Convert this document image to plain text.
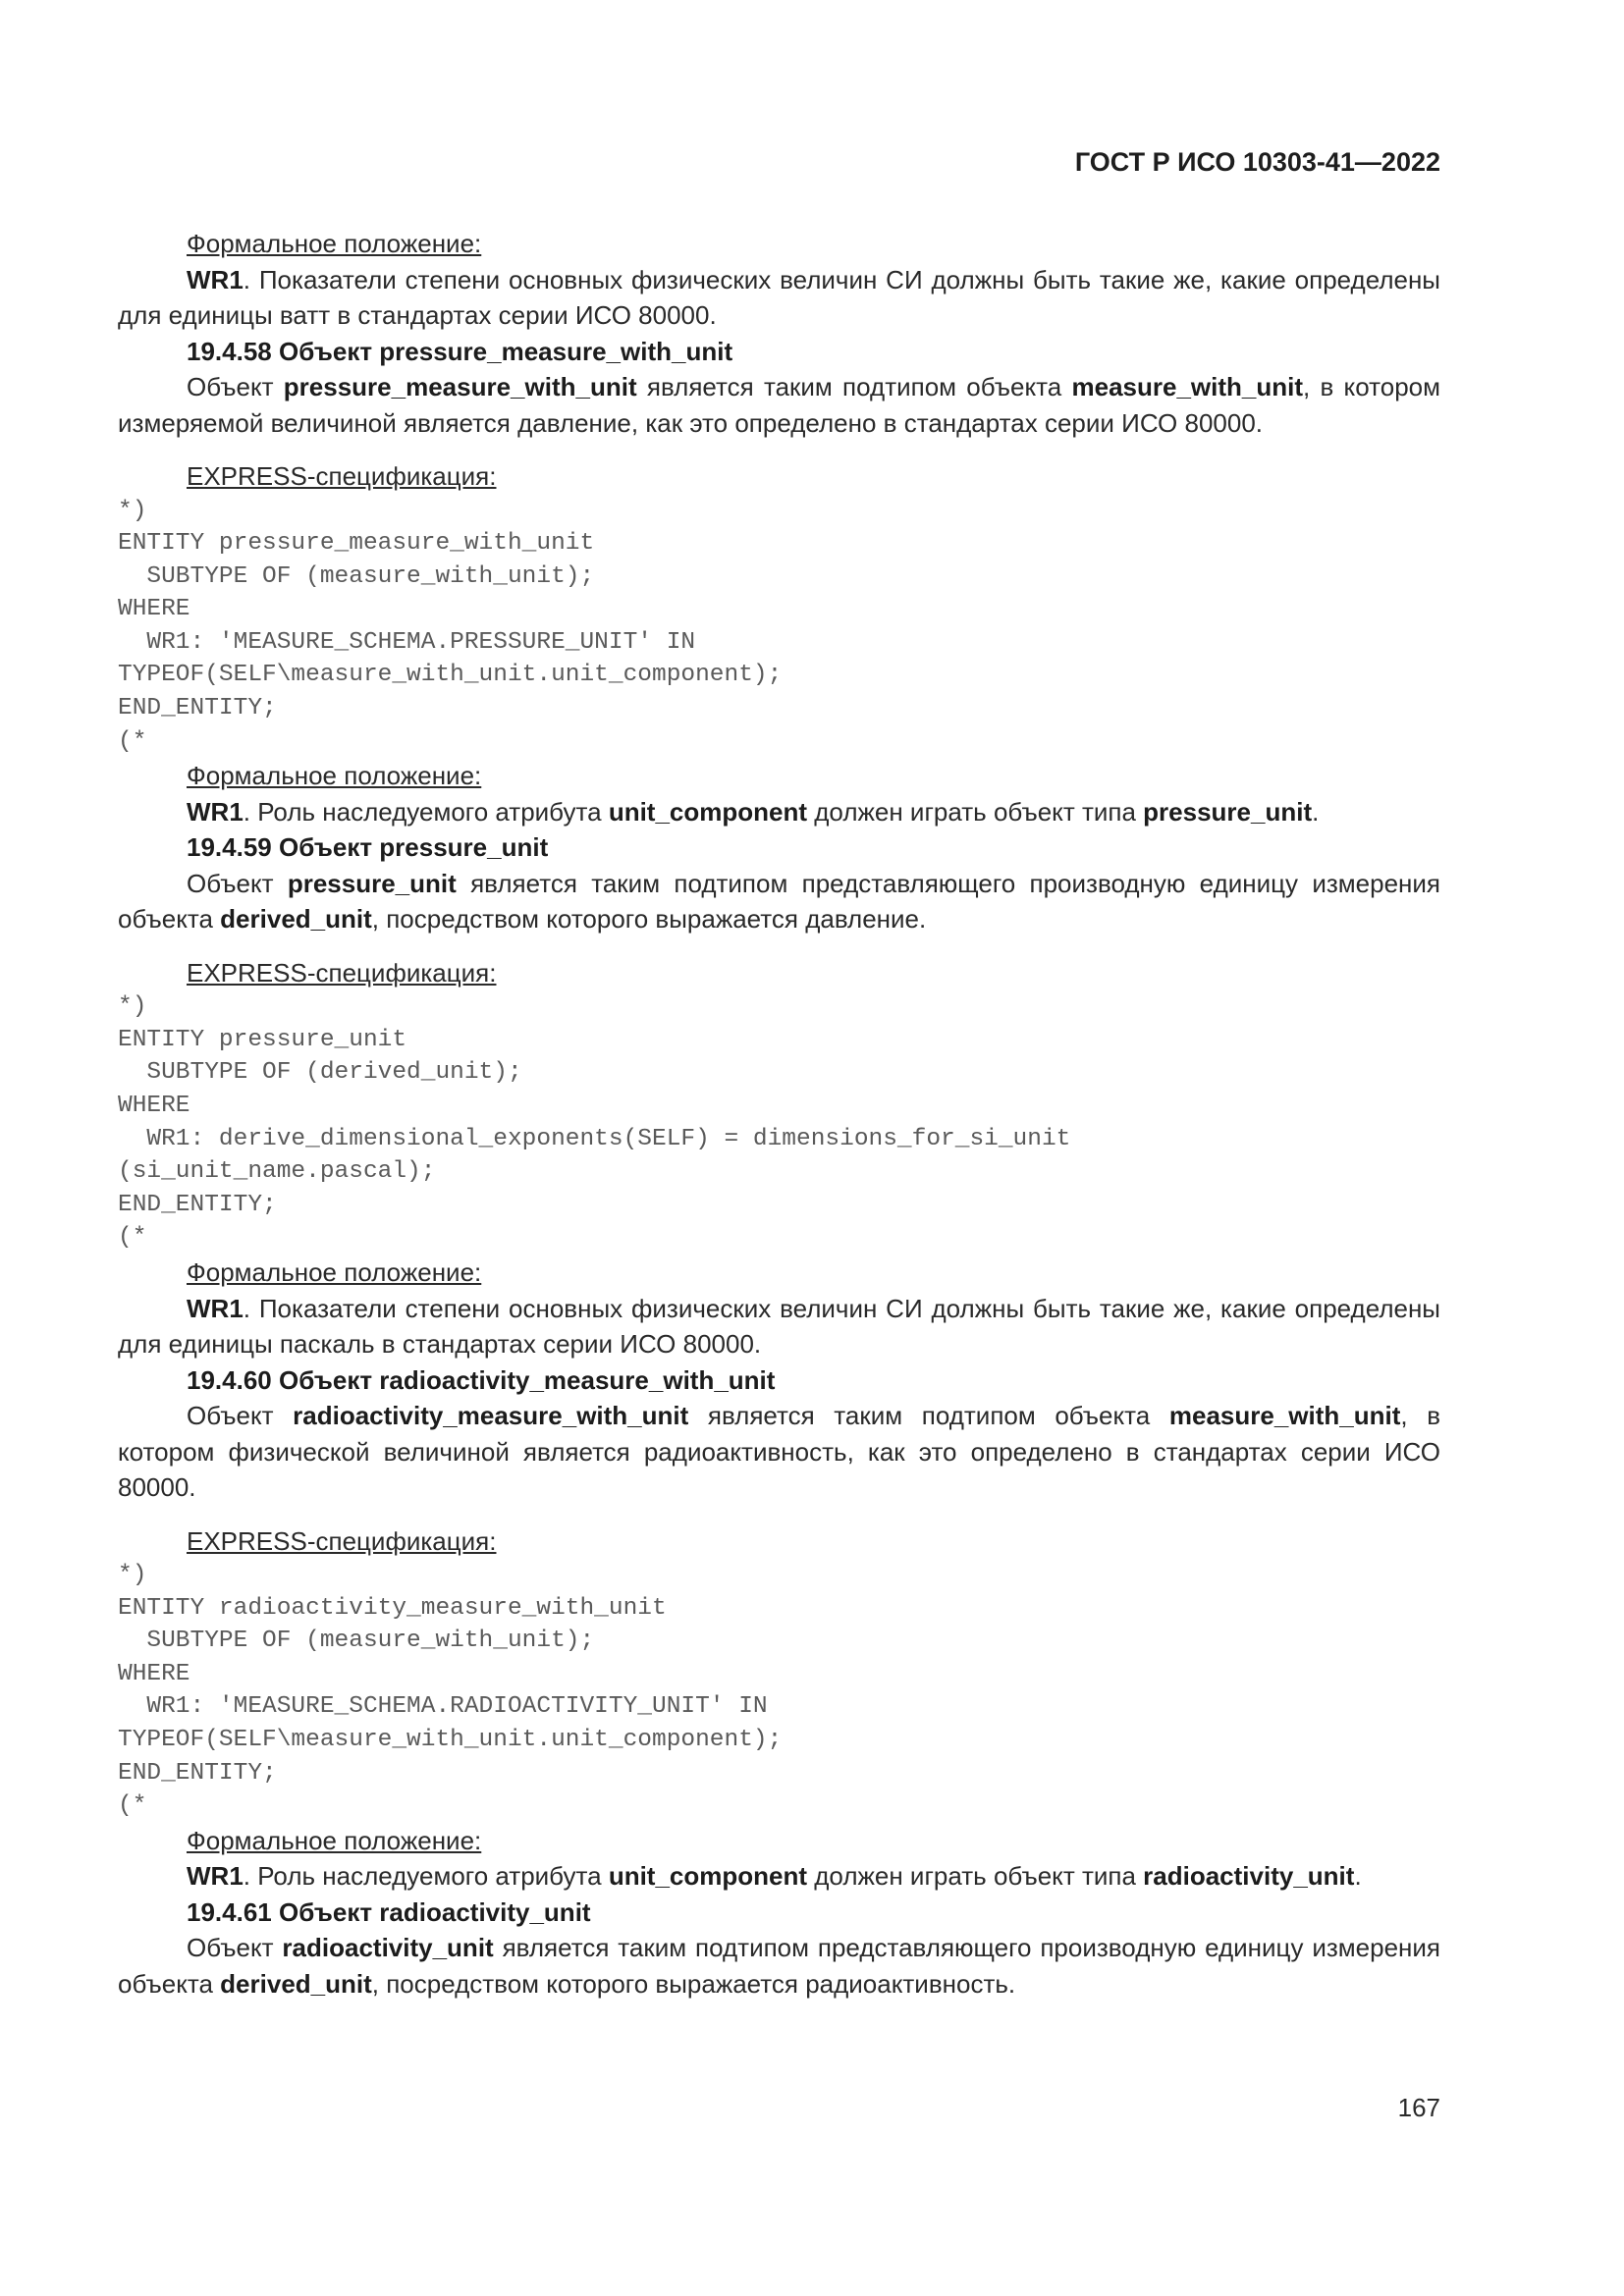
ГОСТ Р ИСО 10303-41—2022

Формальное положение:

WR1. Показатели степени основных физических величин СИ должны быть такие же, какие определены для единицы ватт в стандартах серии ИСО 80000.

19.4.58 Объект pressure_measure_with_unit

Объект pressure_measure_with_unit является таким подтипом объекта measure_with_unit, в котором измеряемой величиной является давление, как это определено в стандартах серии ИСО 80000.

EXPRESS-спецификация:

*)
ENTITY pressure_measure_with_unit
SUBTYPE OF (measure_with_unit);
WHERE
WR1: 'MEASURE_SCHEMA.PRESSURE_UNIT' IN
TYPEOF(SELF\measure_with_unit.unit_component);
END_ENTITY;
(*

Формальное положение:

WR1. Роль наследуемого атрибута unit_component должен играть объект типа pressure_unit.

19.4.59 Объект pressure_unit

Объект pressure_unit является таким подтипом представляющего производную единицу измерения объекта derived_unit, посредством которого выражается давление.

EXPRESS-спецификация:

*)
ENTITY pressure_unit
SUBTYPE OF (derived_unit);
WHERE
WR1: derive_dimensional_exponents(SELF) = dimensions_for_si_unit
(si_unit_name.pascal);
END_ENTITY;
(*

Формальное положение:

WR1. Показатели степени основных физических величин СИ должны быть такие же, какие определены для единицы паскаль в стандартах серии ИСО 80000.

19.4.60 Объект radioactivity_measure_with_unit

Объект radioactivity_measure_with_unit является таким подтипом объекта measure_with_unit, в котором физической величиной является радиоактивность, как это определено в стандартах серии ИСО 80000.

EXPRESS-спецификация:

*)
ENTITY radioactivity_measure_with_unit
SUBTYPE OF (measure_with_unit);
WHERE
WR1: 'MEASURE_SCHEMA.RADIOACTIVITY_UNIT' IN
TYPEOF(SELF\measure_with_unit.unit_component);
END_ENTITY;
(*

Формальное положение:

WR1. Роль наследуемого атрибута unit_component должен играть объект типа radioactivity_unit.

19.4.61 Объект radioactivity_unit

Объект radioactivity_unit является таким подтипом представляющего производную единицу измерения объекта derived_unit, посредством которого выражается радиоактивность.

167
